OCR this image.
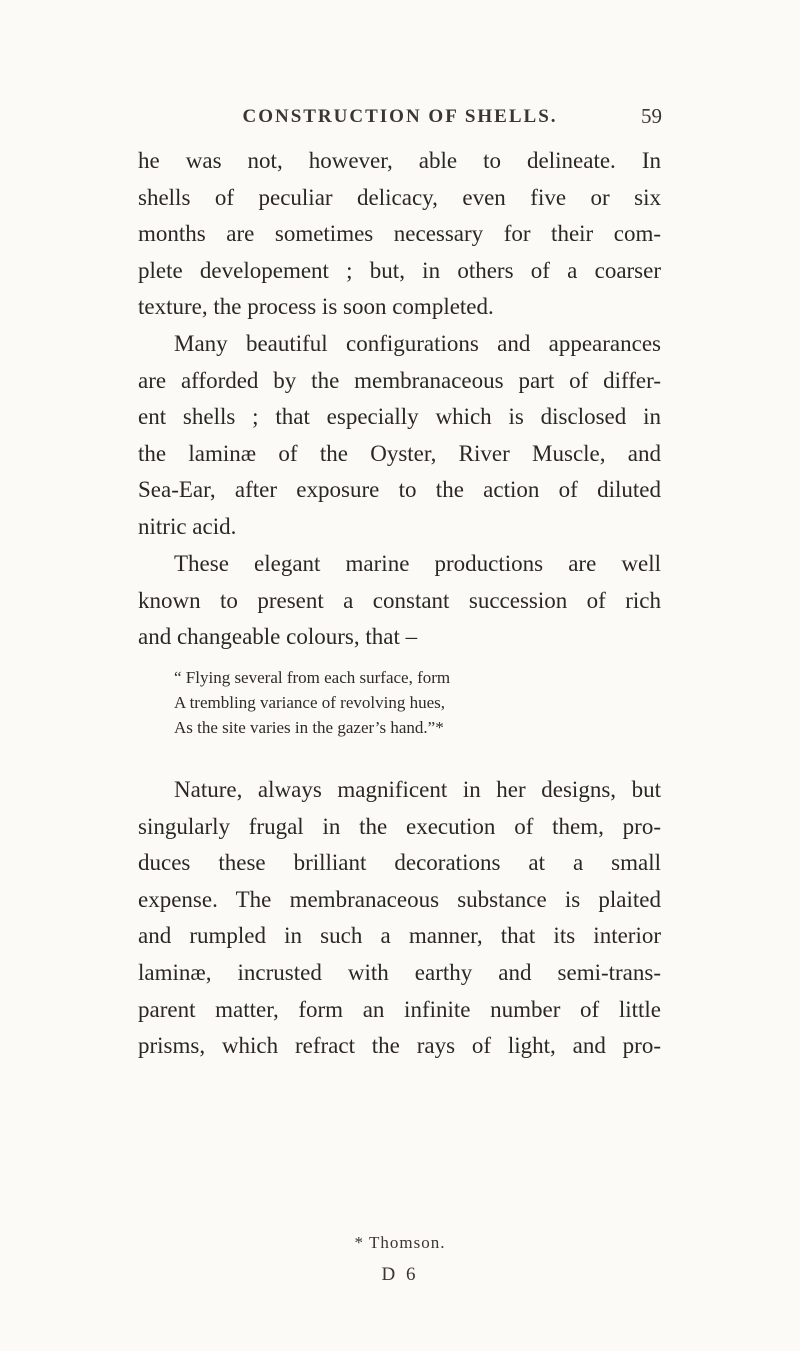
CONSTRUCTION OF SHELLS.	59
he was not, however, able to delineate. In
shells of peculiar delicacy, even five or six
months are sometimes necessary for their com-
plete developement ; but, in others of a coarser
texture, the process is soon completed.
Many beautiful configurations and appearances
are afforded by the membranaceous part of differ-
ent shells ; that especially which is disclosed in
the laminæ of the Oyster, River Muscle, and
Sea-Ear, after exposure to the action of diluted
nitric acid.
These elegant marine productions are well
known to present a constant succession of rich
and changeable colours, that –
“ Flying several from each surface, form
A trembling variance of revolving hues,
As the site varies in the gazer’s hand.”*
Nature, always magnificent in her designs, but
singularly frugal in the execution of them, pro-
duces these brilliant decorations at a small
expense. The membranaceous substance is plaited
and rumpled in such a manner, that its interior
laminæ, incrusted with earthy and semi-trans-
parent matter, form an infinite number of little
prisms, which refract the rays of light, and pro-
* Thomson.
D 6
